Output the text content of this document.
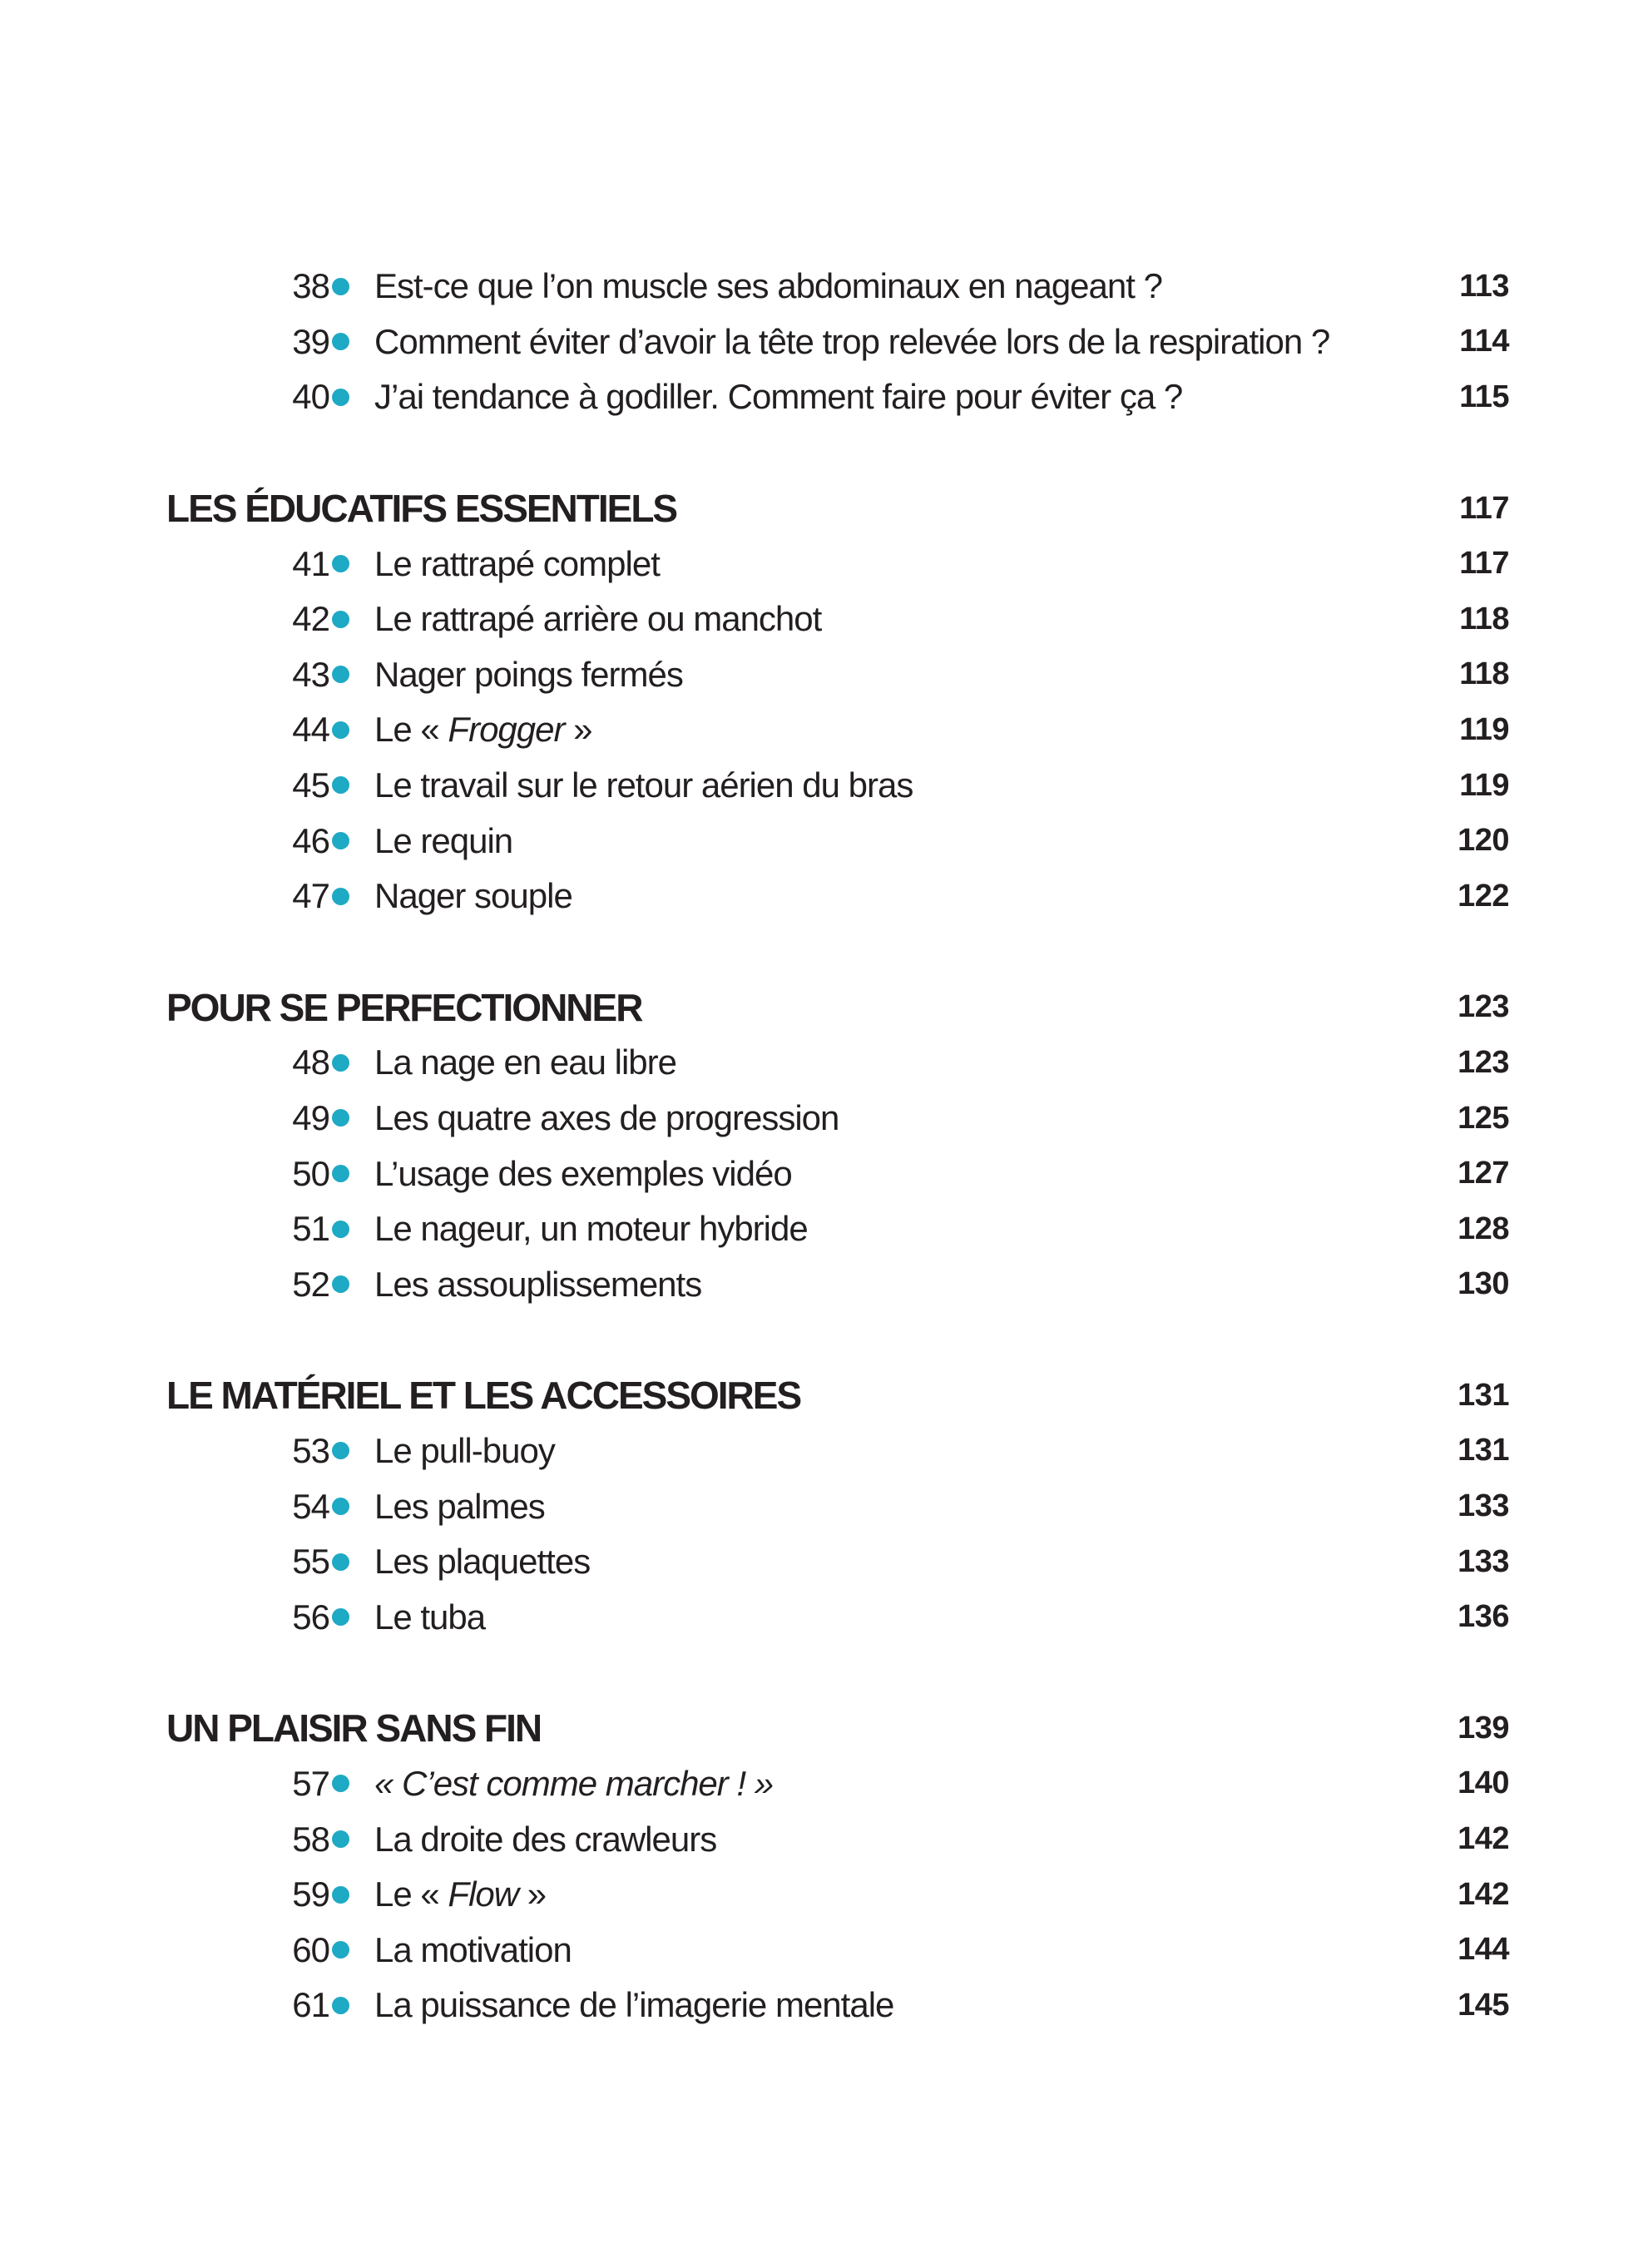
38	Est-ce que l’on muscle ses abdominaux en nageant ?	113
39	Comment éviter d’avoir la tête trop relevée lors de la respiration ?	114
40	J’ai tendance à godiller. Comment faire pour éviter ça ?	115
LES ÉDUCATIFS ESSENTIELS	117
41	Le rattrapé complet	117
42	Le rattrapé arrière ou manchot	118
43	Nager poings fermés	118
44	Le « Frogger »	119
45	Le travail sur le retour aérien du bras	119
46	Le requin	120
47	Nager souple	122
POUR SE PERFECTIONNER	123
48	La nage en eau libre	123
49	Les quatre axes de progression	125
50	L’usage des exemples vidéo	127
51	Le nageur, un moteur hybride	128
52	Les assouplissements	130
LE MATÉRIEL ET LES ACCESSOIRES	131
53	Le pull-buoy	131
54	Les palmes	133
55	Les plaquettes	133
56	Le tuba	136
UN PLAISIR SANS FIN	139
57	« C’est comme marcher ! »	140
58	La droite des crawleurs	142
59	Le « Flow »	142
60	La motivation	144
61	La puissance de l’imagerie mentale	145
